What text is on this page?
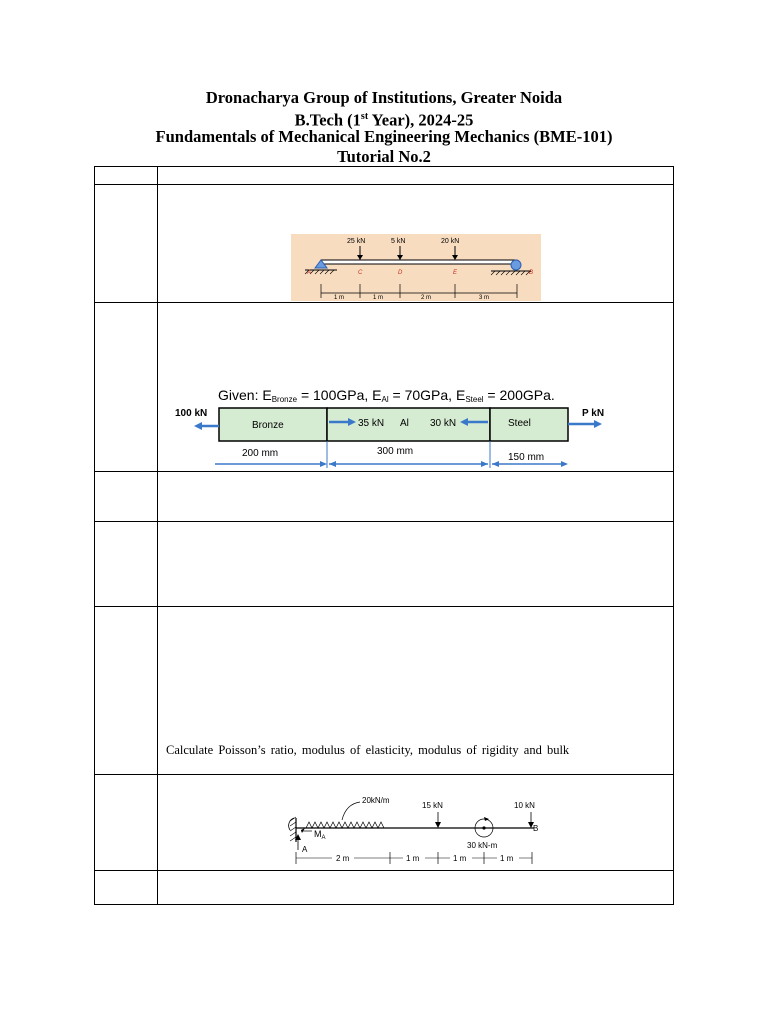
Dronacharya Group of Institutions, Greater Noida
B.Tech (1st Year), 2024-25
Fundamentals of Mechanical Engineering Mechanics (BME-101)
Tutorial No.2
25 kN	5 kN	20 kN
A	C	D	E	B
1 m	1 m	2 m	3 m
Given: EBronze = 100GPa, EAl = 70GPa, ESteel = 200GPa.
Bronze	Al	Steel
100 kN	P kN
35 kN	30 kN
200 mm	300 mm
150 mm
Calculate Poisson’s ratio, modulus of elasticity, modulus of rigidity and bulk
20kN/m
$M_A$
A
15 kN	10 kN
B
30 kN-m
2 m	1 m	1 m	1 m
